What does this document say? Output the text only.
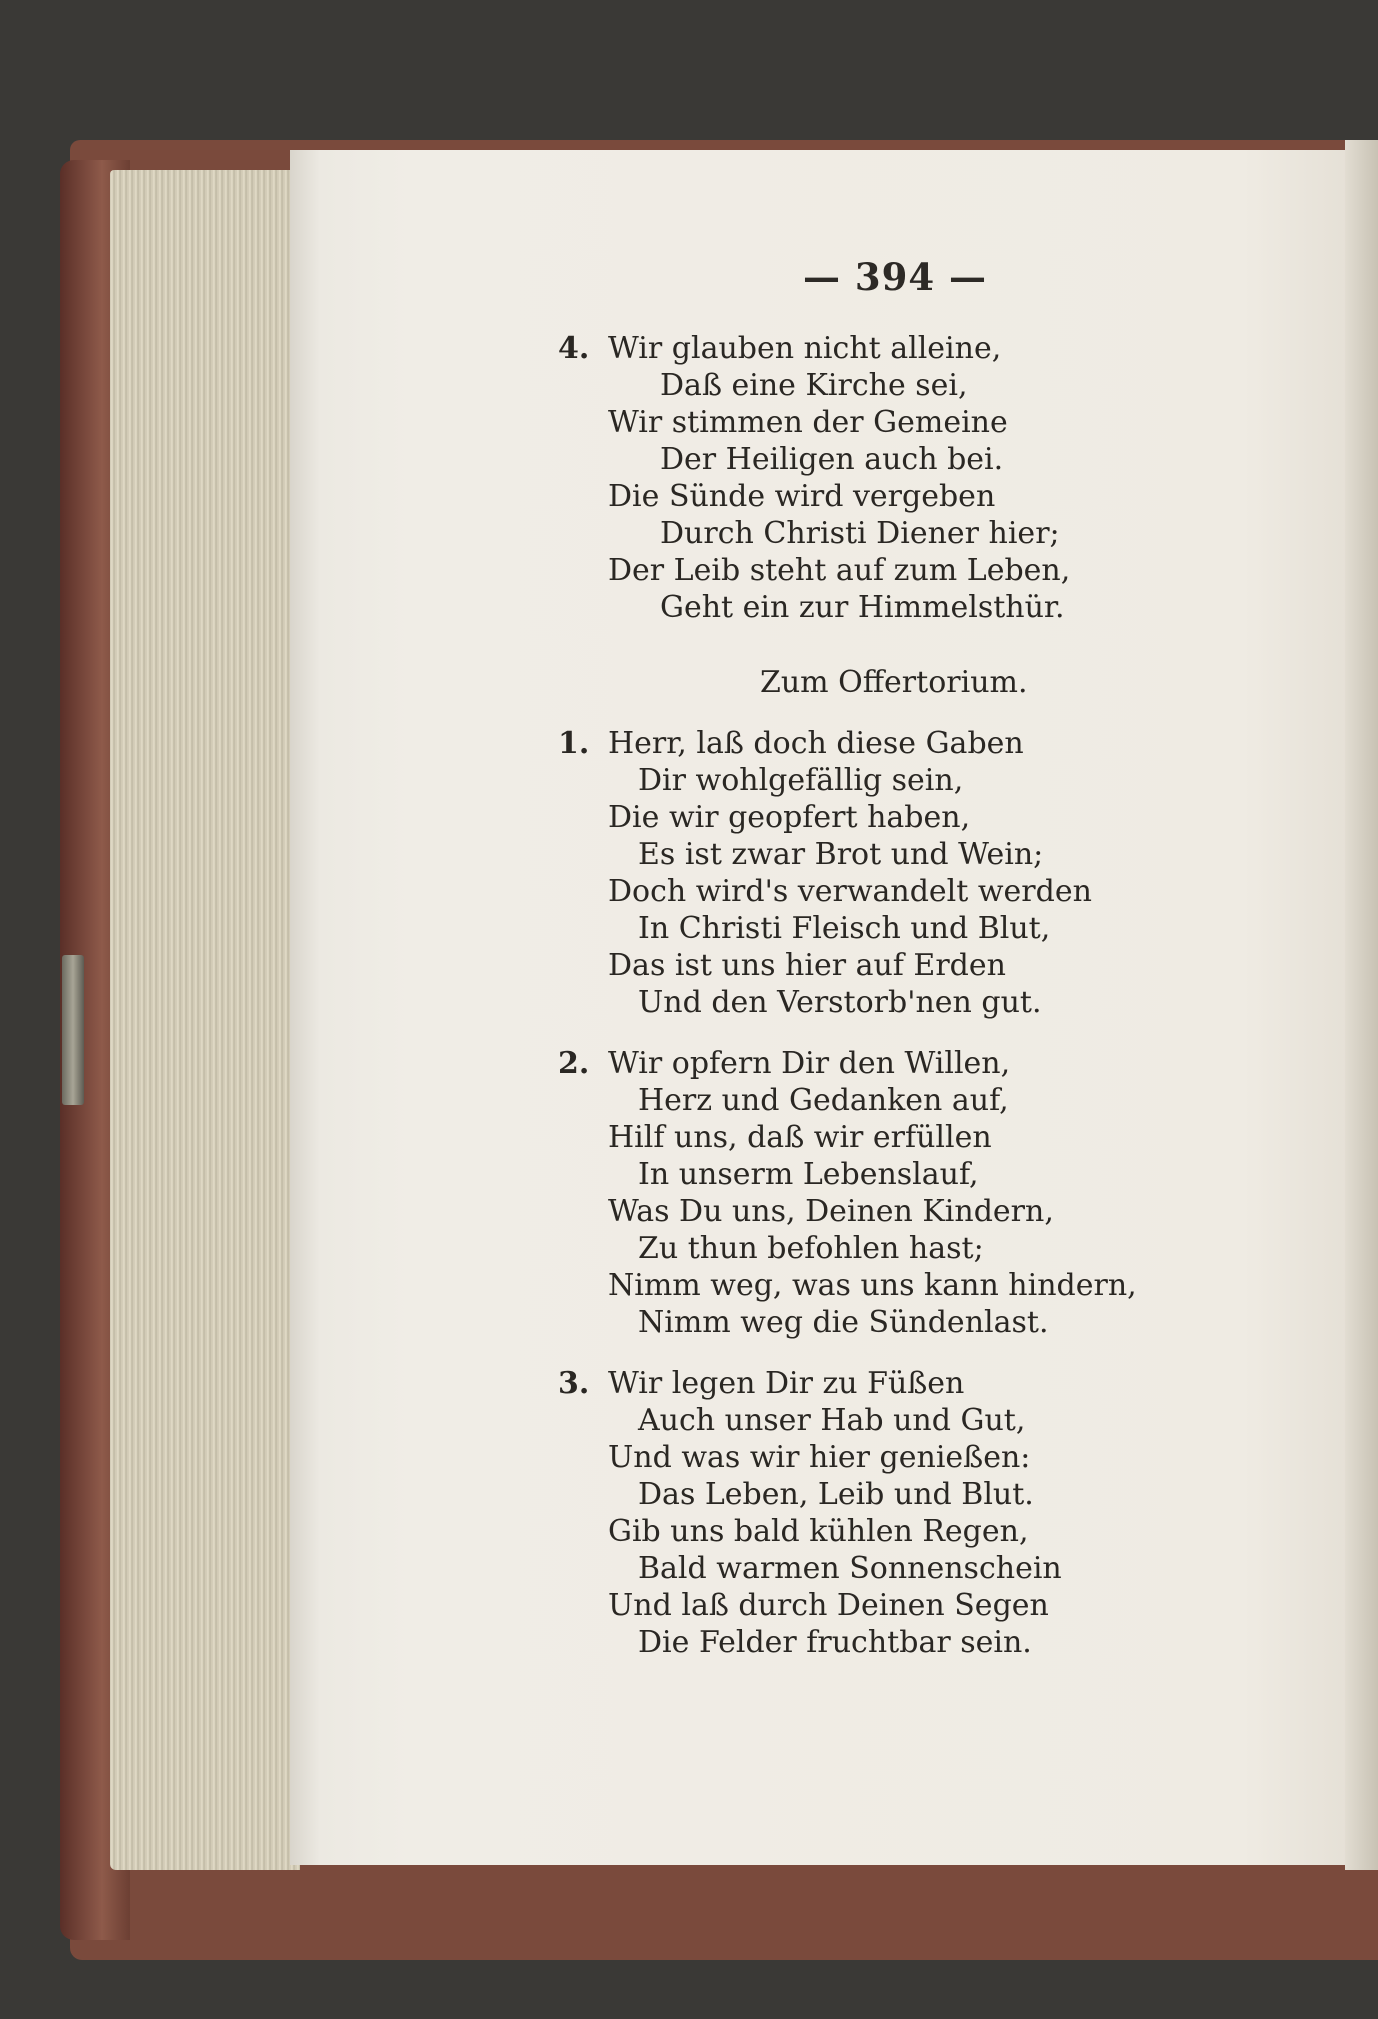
— 394 —
4. Wir glauben nicht alleine,
Daß eine Kirche sei,
Wir stimmen der Gemeine
Der Heiligen auch bei.
Die Sünde wird vergeben
Durch Christi Diener hier;
Der Leib steht auf zum Leben,
Geht ein zur Himmelsthür.
Zum Offertorium.
1. Herr, laß doch diese Gaben
Dir wohlgefällig sein,
Die wir geopfert haben,
Es ist zwar Brot und Wein;
Doch wird's verwandelt werden
In Christi Fleisch und Blut,
Das ist uns hier auf Erden
Und den Verstorb'nen gut.
2. Wir opfern Dir den Willen,
Herz und Gedanken auf,
Hilf uns, daß wir erfüllen
In unserm Lebenslauf,
Was Du uns, Deinen Kindern,
Zu thun befohlen hast;
Nimm weg, was uns kann hindern,
Nimm weg die Sündenlast.
3. Wir legen Dir zu Füßen
Auch unser Hab und Gut,
Und was wir hier genießen:
Das Leben, Leib und Blut.
Gib uns bald kühlen Regen,
Bald warmen Sonnenschein
Und laß durch Deinen Segen
Die Felder fruchtbar sein.
